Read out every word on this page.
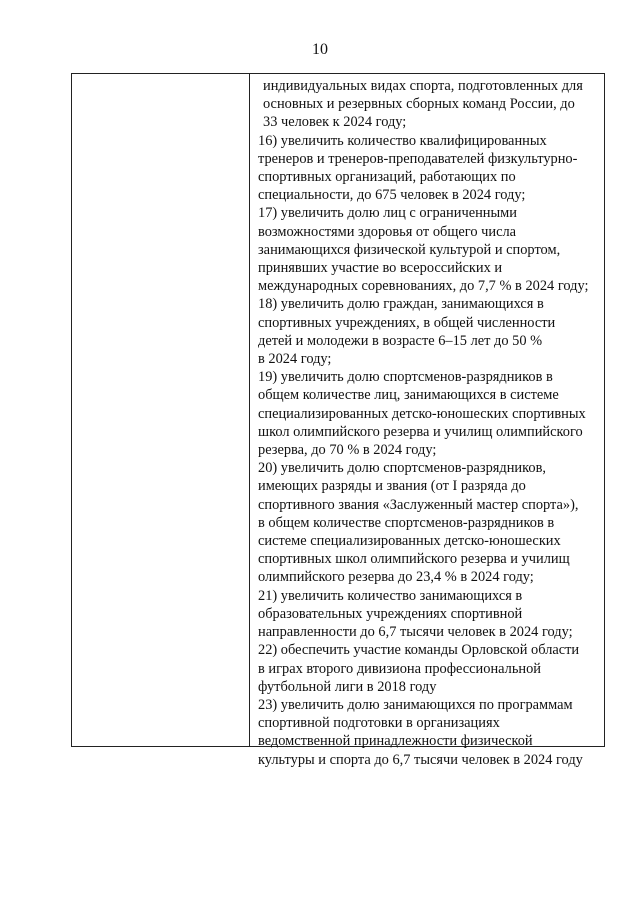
10
индивидуальных видах спорта, подготовленных для
основных и резервных сборных команд России, до
33 человек к 2024 году;
16) увеличить количество квалифицированных
тренеров и тренеров-преподавателей физкультурно-
спортивных организаций, работающих по
специальности, до 675 человек в 2024 году;
17) увеличить долю лиц с ограниченными
возможностями здоровья от общего числа
занимающихся физической культурой и спортом,
принявших участие во всероссийских и
международных соревнованиях, до 7,7 % в 2024 году;
18) увеличить долю граждан, занимающихся в
спортивных учреждениях, в общей численности
детей и молодежи в возрасте 6–15 лет до 50 %
в 2024 году;
19) увеличить долю спортсменов-разрядников в
общем количестве лиц, занимающихся в системе
специализированных детско-юношеских спортивных
школ олимпийского резерва и училищ олимпийского
резерва, до 70 % в 2024 году;
20) увеличить долю спортсменов-разрядников,
имеющих разряды и звания (от I разряда до
спортивного звания «Заслуженный мастер спорта»),
в общем количестве спортсменов-разрядников в
системе специализированных детско-юношеских
спортивных школ олимпийского резерва и училищ
олимпийского резерва до 23,4 % в 2024 году;
21) увеличить количество занимающихся в
образовательных учреждениях спортивной
направленности до 6,7 тысячи человек в 2024 году;
22) обеспечить участие команды Орловской области
в играх второго дивизиона профессиональной
футбольной лиги в 2018 году
23) увеличить долю занимающихся по программам
спортивной подготовки в организациях
ведомственной принадлежности физической
культуры и спорта до 6,7 тысячи человек в 2024 году
